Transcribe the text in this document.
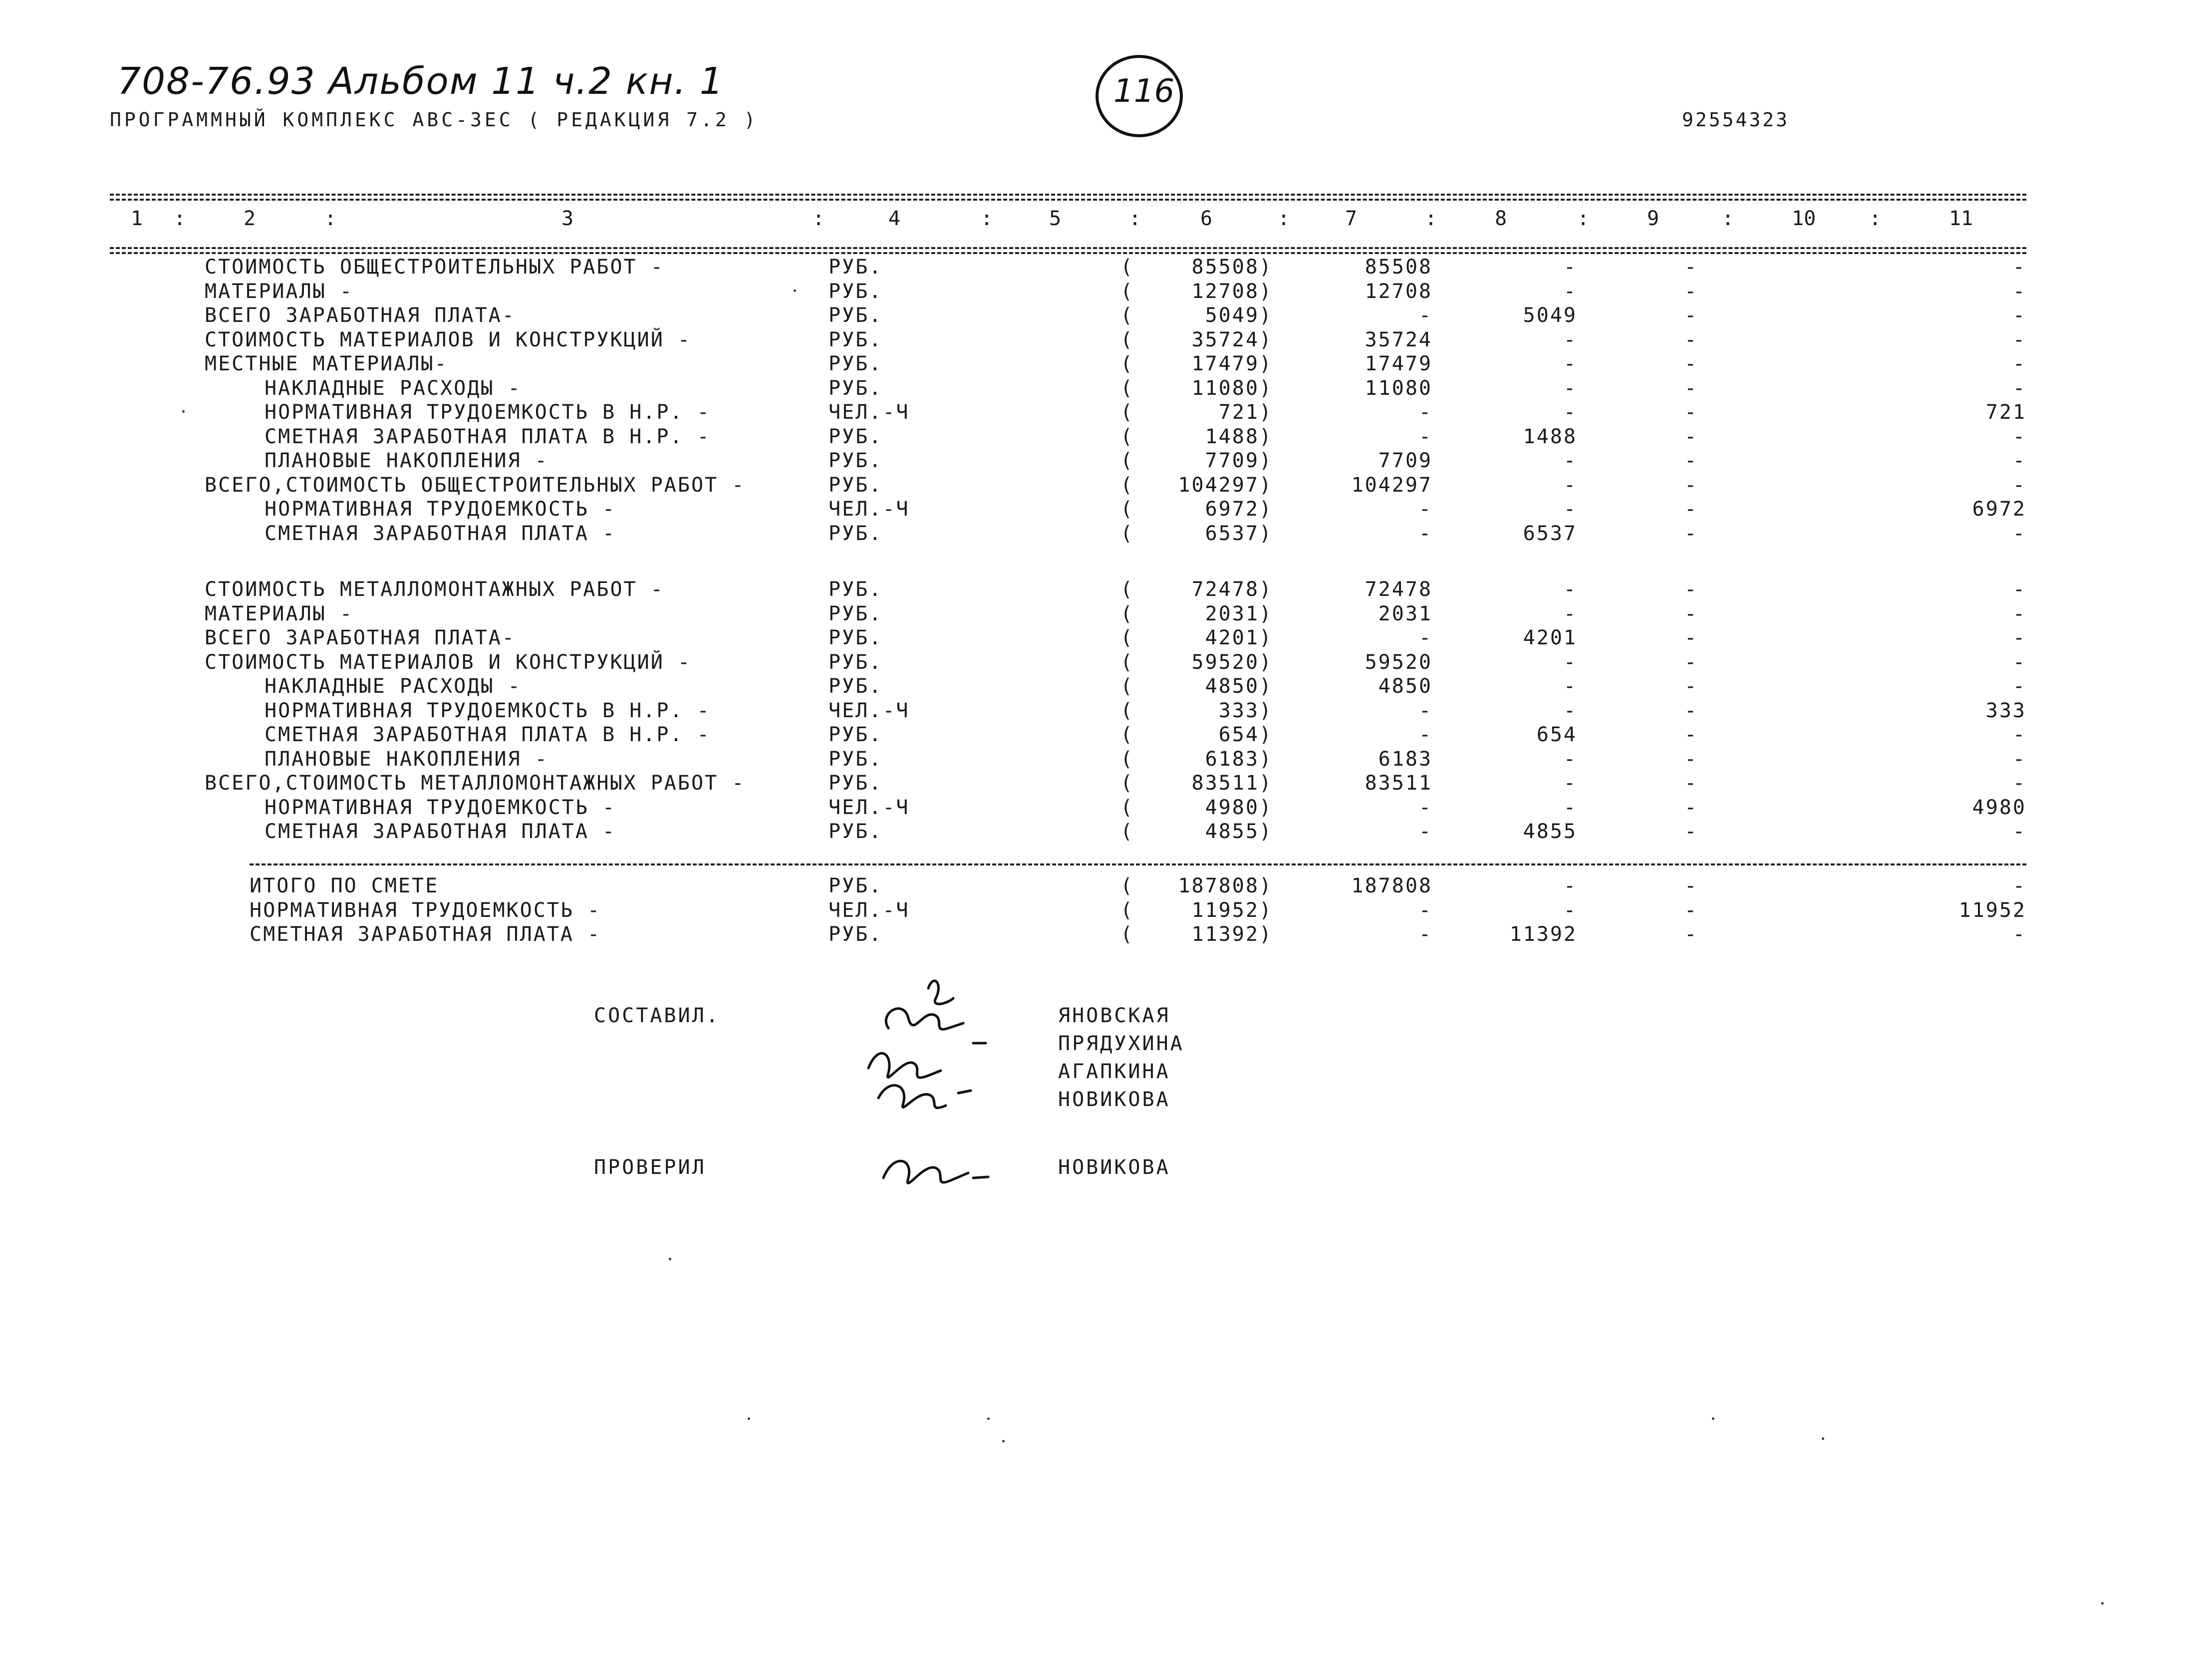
708-76.93 Альбом 11 ч.2 кн. 1
ПРОГРАММНЫЙ КОМПЛЕКС АВС-3ЕС ( РЕДАКЦИЯ 7.2 )
116
92554323
1 :	2	:	3	:	4	:	5	:	6	:	7	:	8	:	9	:	10	:	11
СТОИМОСТЬ ОБЩЕСТРОИТЕЛЬНЫХ РАБОТ -	РУБ.	(	85508)	85508	-	-	-
МАТЕРИАЛЫ -	РУБ.	(	12708)	12708	-	-	-
ВСЕГО ЗАРАБОТНАЯ ПЛАТА-	РУБ.	(	5049)	-	5049	-	-
СТОИМОСТЬ МАТЕРИАЛОВ И КОНСТРУКЦИЙ -	РУБ.	(	35724)	35724	-	-	-
МЕСТНЫЕ МАТЕРИАЛЫ-	РУБ.	(	17479)	17479	-	-	-
НАКЛАДНЫЕ РАСХОДЫ -	РУБ.	(	11080)	11080	-	-	-
НОРМАТИВНАЯ ТРУДОЕМКОСТЬ В Н.Р. -	ЧЕЛ.-Ч	(	721)	-	-	-	721
СМЕТНАЯ ЗАРАБОТНАЯ ПЛАТА В Н.Р. -	РУБ.	(	1488)	-	1488	-	-
ПЛАНОВЫЕ НАКОПЛЕНИЯ -	РУБ.	(	7709)	7709	-	-	-
ВСЕГО,СТОИМОСТЬ ОБЩЕСТРОИТЕЛЬНЫХ РАБОТ -	РУБ.	( 104297)	104297	-	-	-
НОРМАТИВНАЯ ТРУДОЕМКОСТЬ -	ЧЕЛ.-Ч	(	6972)	-	-	-	6972
СМЕТНАЯ ЗАРАБОТНАЯ ПЛАТА -	РУБ.	(	6537)	-	6537	-	-
СТОИМОСТЬ МЕТАЛЛОМОНТАЖНЫХ РАБОТ -	РУБ.	(	72478)	72478	-	-	-
МАТЕРИАЛЫ -	РУБ.	(	2031)	2031	-	-	-
ВСЕГО ЗАРАБОТНАЯ ПЛАТА-	РУБ.	(	4201)	-	4201	-	-
СТОИМОСТЬ МАТЕРИАЛОВ И КОНСТРУКЦИЙ -	РУБ.	(	59520)	59520	-	-	-
НАКЛАДНЫЕ РАСХОДЫ -	РУБ.	(	4850)	4850	-	-	-
НОРМАТИВНАЯ ТРУДОЕМКОСТЬ В Н.Р. -	ЧЕЛ.-Ч	(	333)	-	-	-	333
СМЕТНАЯ ЗАРАБОТНАЯ ПЛАТА В Н.Р. -	РУБ.	(	654)	-	654	-	-
ПЛАНОВЫЕ НАКОПЛЕНИЯ -	РУБ.	(	6183)	6183	-	-	-
ВСЕГО,СТОИМОСТЬ МЕТАЛЛОМОНТАЖНЫХ РАБОТ -	РУБ.	(	83511)	83511	-	-	-
НОРМАТИВНАЯ ТРУДОЕМКОСТЬ -	ЧЕЛ.-Ч	(	4980)	-	-	-	4980
СМЕТНАЯ ЗАРАБОТНАЯ ПЛАТА -	РУБ.	(	4855)	-	4855	-	-
ИТОГО ПО СМЕТЕ	РУБ.	( 187808)	187808	-	-	-
НОРМАТИВНАЯ ТРУДОЕМКОСТЬ -	ЧЕЛ.-Ч	(	11952)	-	-	-	11952
СМЕТНАЯ ЗАРАБОТНАЯ ПЛАТА -	РУБ.	(	11392)	-	11392	-	-
СОСТАВИЛ.	ЯНОВСКАЯ
ПРЯДУХИНА
АГАПКИНА
НОВИКОВА
ПРОВЕРИЛ	НОВИКОВА
